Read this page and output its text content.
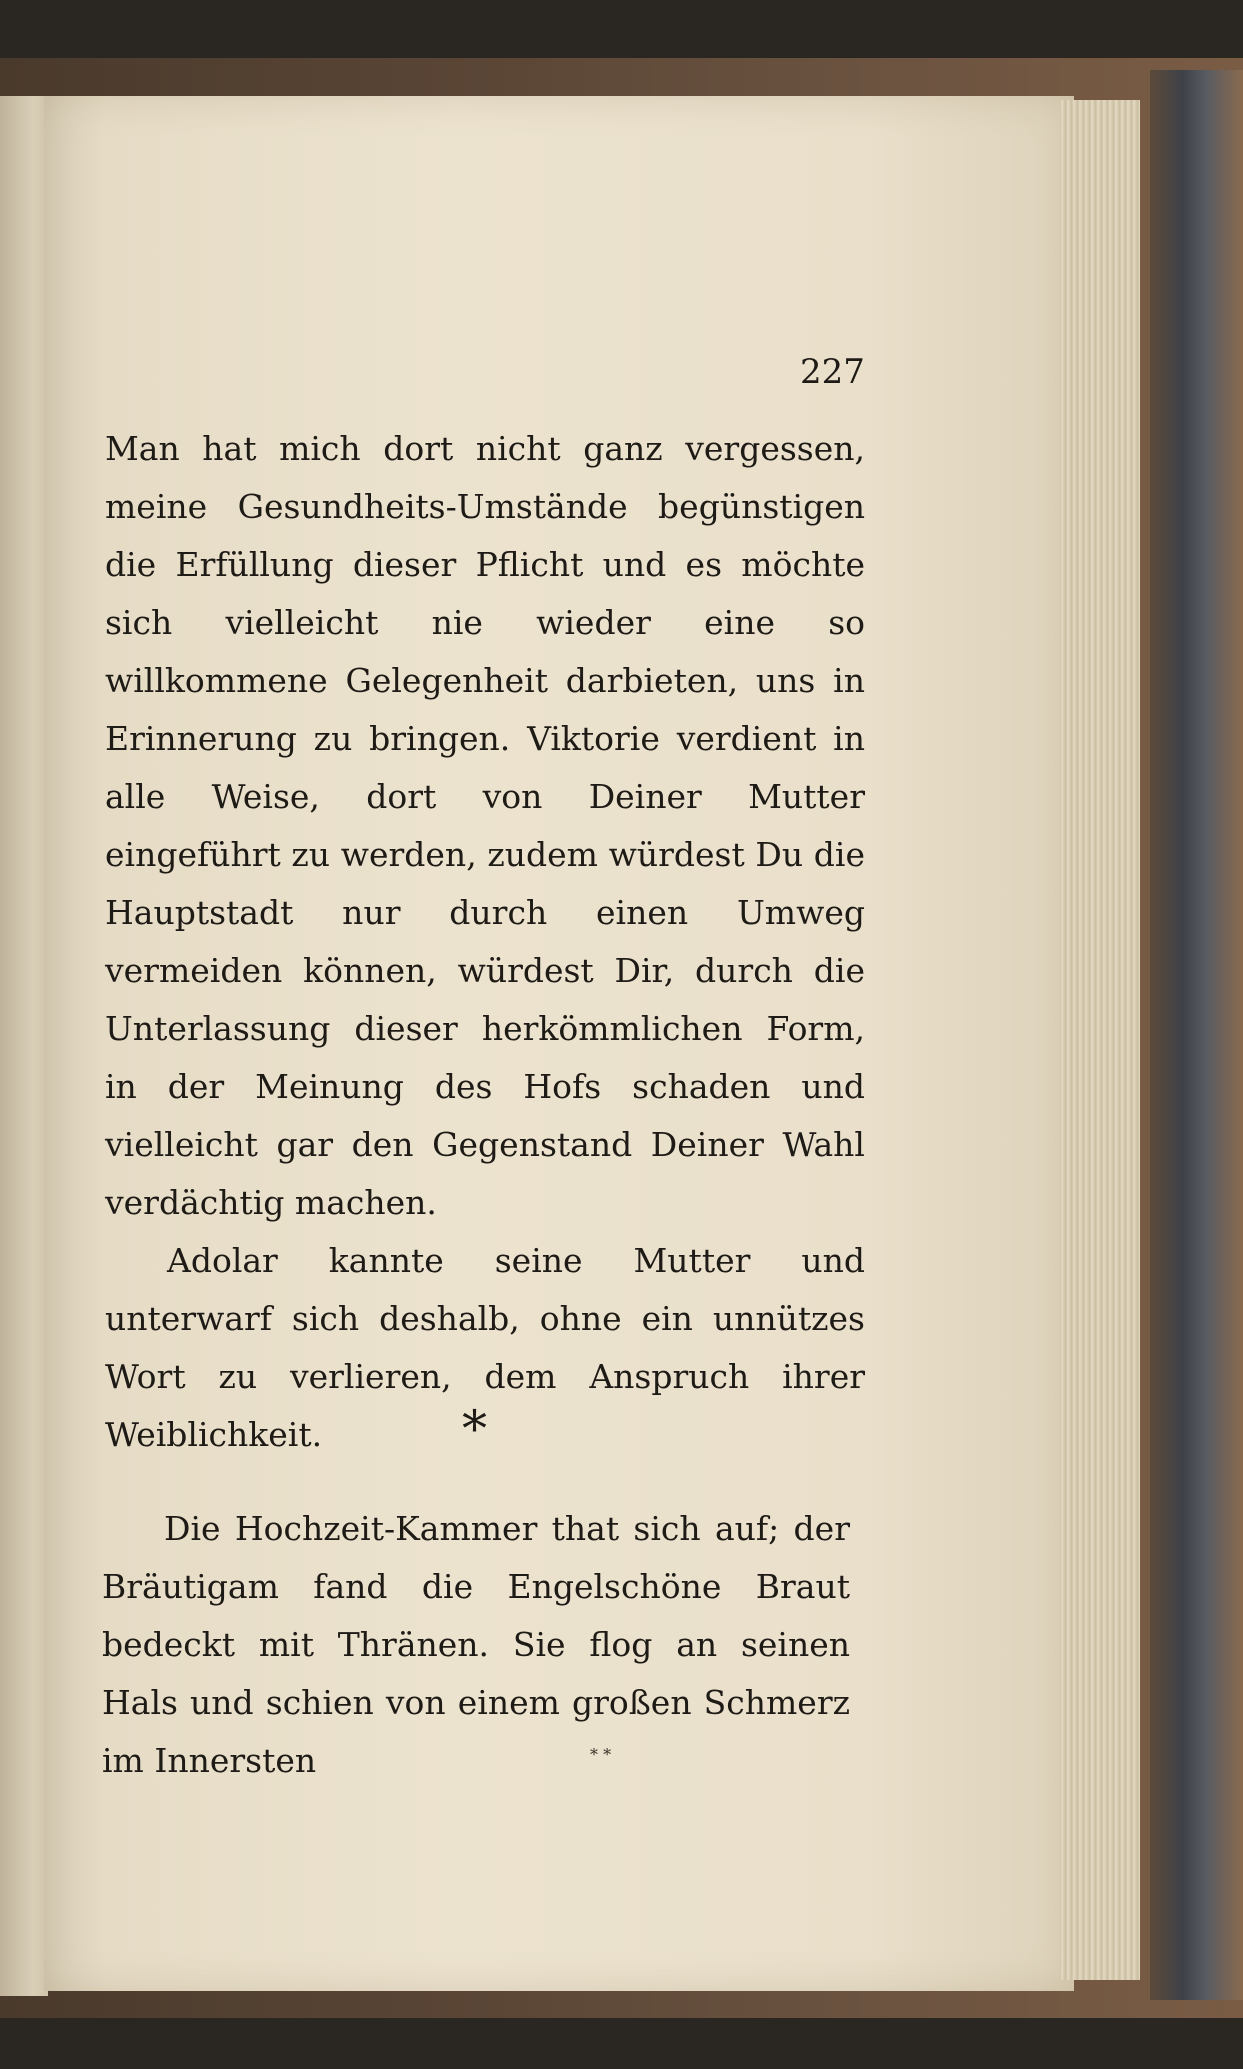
227

Man hat mich dort nicht ganz vergessen, meine Gesundheits-Umstände begünstigen die Erfüllung dieser Pflicht und es möchte sich vielleicht nie wieder eine so willkommene Gelegenheit darbieten, uns in Erinnerung zu bringen. Viktorie verdient in alle Weise, dort von Deiner Mutter eingeführt zu werden, zudem würdest Du die Hauptstadt nur durch einen Umweg vermeiden können, würdest Dir, durch die Unterlassung dieser herkömmlichen Form, in der Meinung des Hofs schaden und vielleicht gar den Gegenstand Deiner Wahl verdächtig machen.

Adolar kannte seine Mutter und unterwarf sich deshalb, ohne ein unnützes Wort zu verlieren, dem Anspruch ihrer Weiblichkeit.	*

Die Hochzeit-Kammer that sich auf; der Bräutigam fand die Engelschöne Braut bedeckt mit Thränen. Sie flog an seinen Hals und schien von einem großen Schmerz im Innersten	* *
